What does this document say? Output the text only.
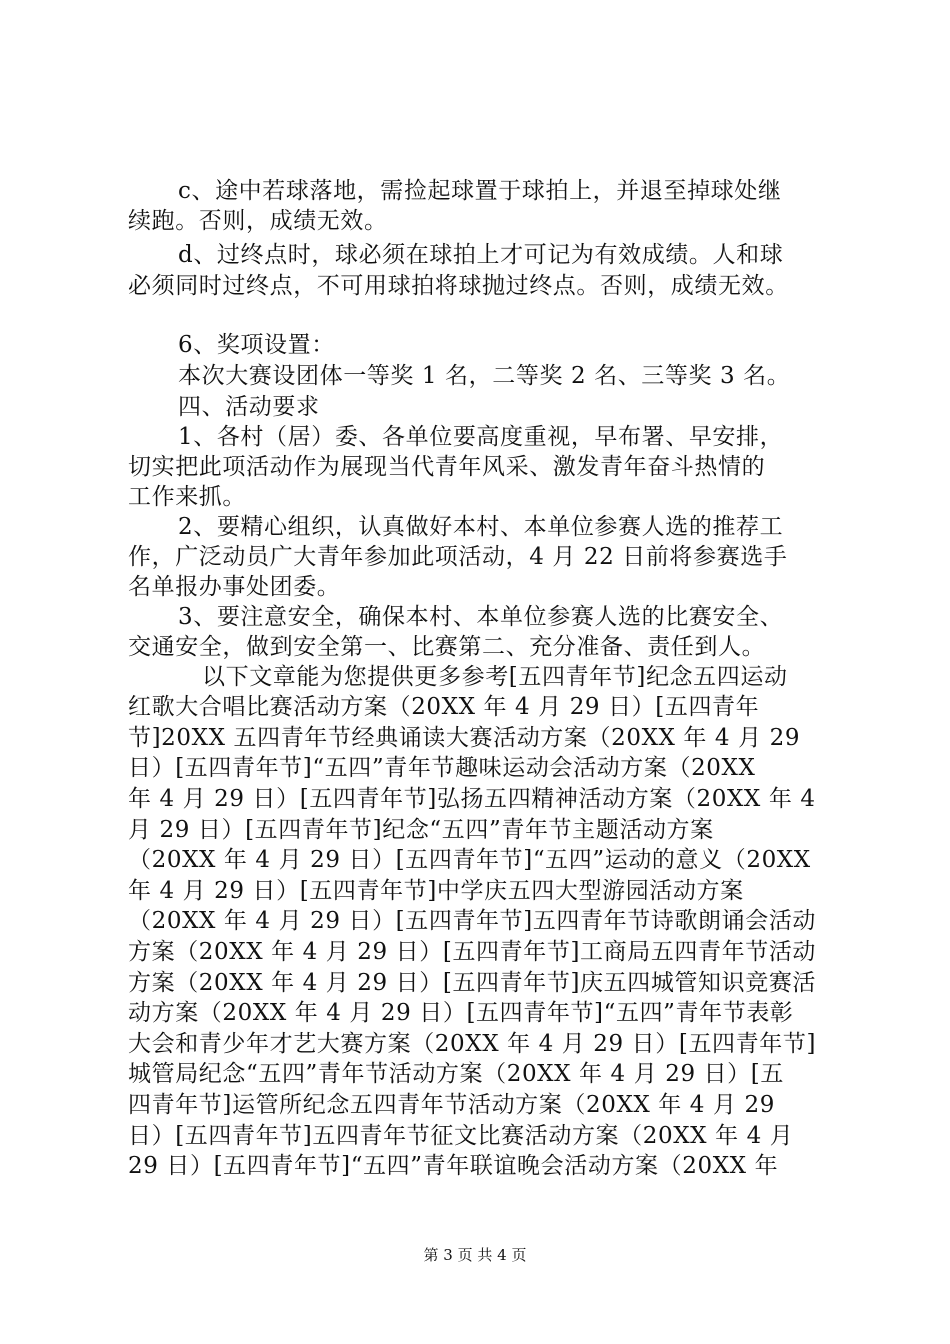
c、途中若球落地，需捡起球置于球拍上，并退至掉球处继

续跑。否则，成绩无效。

d、过终点时，球必须在球拍上才可记为有效成绩。人和球

必须同时过终点，不可用球拍将球抛过终点。否则，成绩无效。

6、奖项设置：

本次大赛设团体一等奖 1 名，二等奖 2 名、三等奖 3 名。

四、活动要求

1、各村（居）委、各单位要高度重视，早布署、早安排，

切实把此项活动作为展现当代青年风采、激发青年奋斗热情的

工作来抓。

2、要精心组织，认真做好本村、本单位参赛人选的推荐工

作，广泛动员广大青年参加此项活动，4 月 22 日前将参赛选手

名单报办事处团委。

3、要注意安全，确保本村、本单位参赛人选的比赛安全、

交通安全，做到安全第一、比赛第二、充分准备、责任到人。

以下文章能为您提供更多参考[五四青年节]纪念五四运动

红歌大合唱比赛活动方案（20XX 年 4 月 29 日）[五四青年

节]20XX 五四青年节经典诵读大赛活动方案（20XX 年 4 月 29

日）[五四青年节]“五四”青年节趣味运动会活动方案（20XX

年 4 月 29 日）[五四青年节]弘扬五四精神活动方案（20XX 年 4

月 29 日）[五四青年节]纪念“五四”青年节主题活动方案

（20XX 年 4 月 29 日）[五四青年节]“五四”运动的意义（20XX

年 4 月 29 日）[五四青年节]中学庆五四大型游园活动方案

（20XX 年 4 月 29 日）[五四青年节]五四青年节诗歌朗诵会活动

方案（20XX 年 4 月 29 日）[五四青年节]工商局五四青年节活动

方案（20XX 年 4 月 29 日）[五四青年节]庆五四城管知识竞赛活

动方案（20XX 年 4 月 29 日）[五四青年节]“五四”青年节表彰

大会和青少年才艺大赛方案（20XX 年 4 月 29 日）[五四青年节]

城管局纪念“五四”青年节活动方案（20XX 年 4 月 29 日）[五

四青年节]运管所纪念五四青年节活动方案（20XX 年 4 月 29

日）[五四青年节]五四青年节征文比赛活动方案（20XX 年 4 月

29 日）[五四青年节]“五四”青年联谊晚会活动方案（20XX 年

第 3 页 共 4 页
